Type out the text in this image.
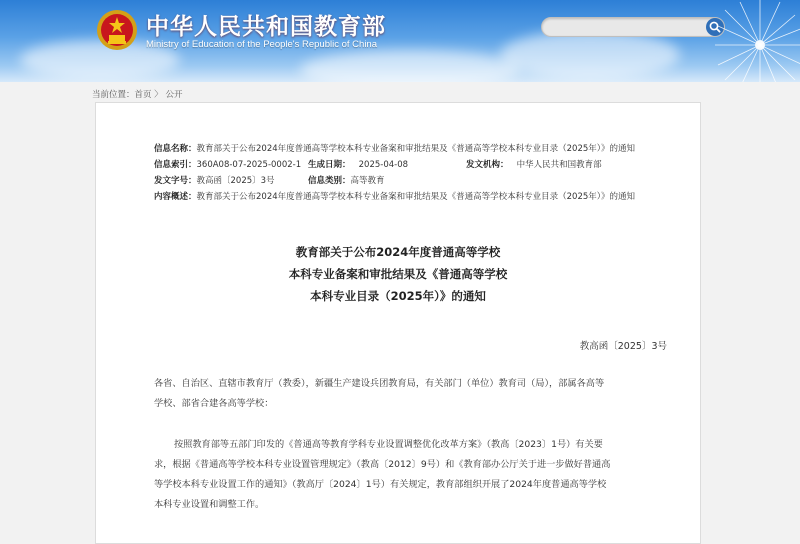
中华人民共和国教育部
Ministry of Education of the People's Republic of China
当前位置：首页 〉 公开
信息名称：教育部关于公布2024年度普通高等学校本科专业备案和审批结果及《普通高等学校本科专业目录（2025年）》的通知
信息索引：360A08-07-2025-0002-1 生成日期： 2025-04-08	发文机构： 中华人民共和国教育部
发文字号：教高函〔2025〕3号	信息类别：高等教育
内容概述：教育部关于公布2024年度普通高等学校本科专业备案和审批结果及《普通高等学校本科专业目录（2025年）》的通知
教育部关于公布2024年度普通高等学校
本科专业备案和审批结果及《普通高等学校
本科专业目录（2025年）》的通知
教高函〔2025〕3号
各省、自治区、直辖市教育厅（教委），新疆生产建设兵团教育局，有关部门（单位）教育司（局），部属各高等
学校、部省合建各高等学校：
按照教育部等五部门印发的《普通高等教育学科专业设置调整优化改革方案》（教高〔2023〕1号）有关要
求，根据《普通高等学校本科专业设置管理规定》（教高〔2012〕9号）和《教育部办公厅关于进一步做好普通高
等学校本科专业设置工作的通知》（教高厅〔2024〕1号）有关规定，教育部组织开展了2024年度普通高等学校
本科专业设置和调整工作。
